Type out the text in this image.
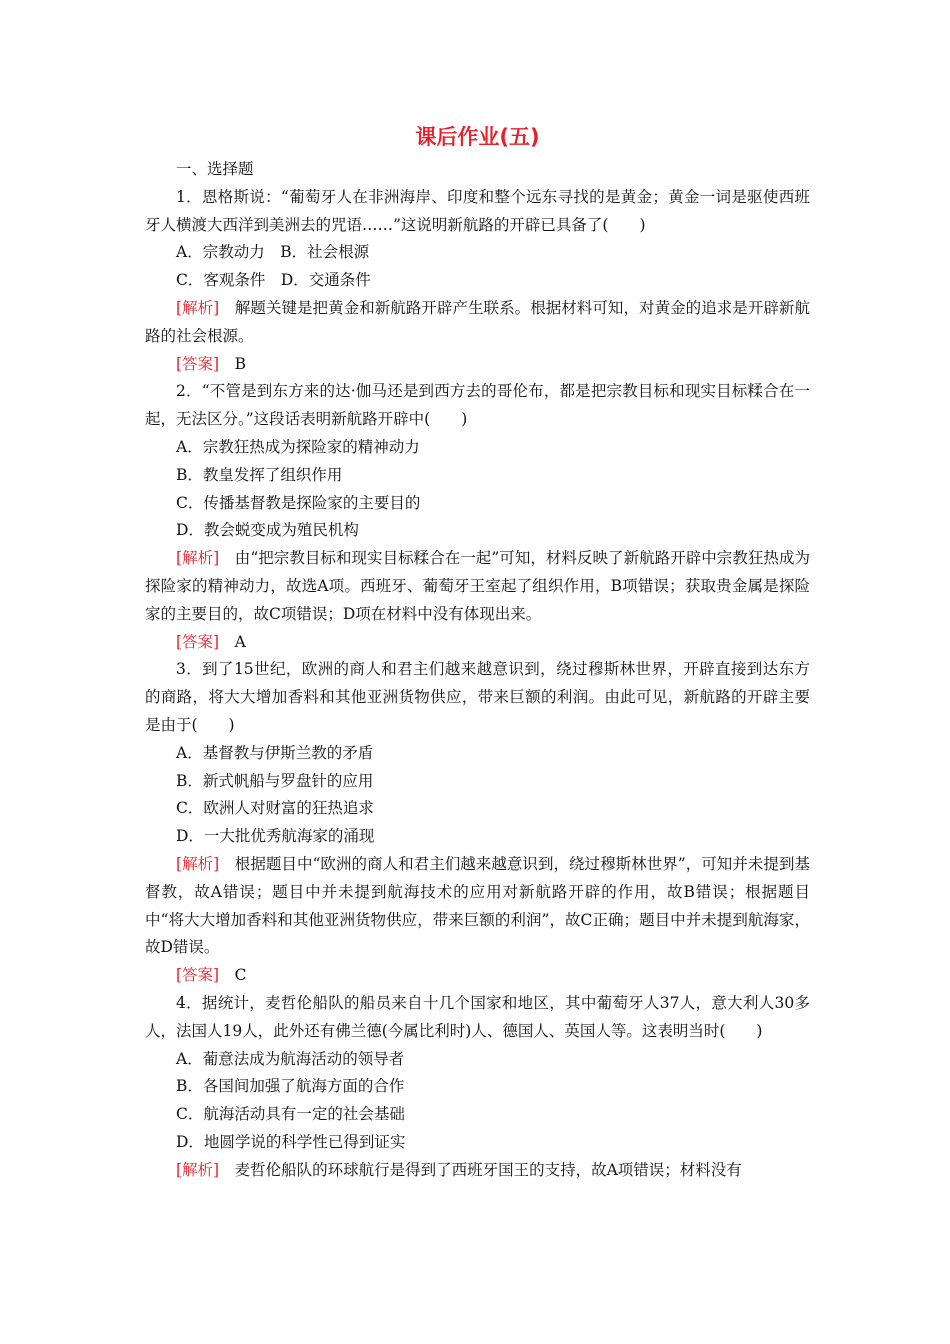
课后作业(五)

一、选择题

1．恩格斯说：“葡萄牙人在非洲海岸、印度和整个远东寻找的是黄金；黄金一词是驱使西班牙人横渡大西洋到美洲去的咒语……”这说明新航路的开辟已具备了(　　)

A．宗教动力　B．社会根源

C．客观条件　D．交通条件

[解析]　解题关键是把黄金和新航路开辟产生联系。根据材料可知，对黄金的追求是开辟新航路的社会根源。

[答案]　B

2．“不管是到东方来的达·伽马还是到西方去的哥伦布，都是把宗教目标和现实目标糅合在一起，无法区分。”这段话表明新航路开辟中(　　)

A．宗教狂热成为探险家的精神动力

B．教皇发挥了组织作用

C．传播基督教是探险家的主要目的

D．教会蜕变成为殖民机构

[解析]　由“把宗教目标和现实目标糅合在一起”可知，材料反映了新航路开辟中宗教狂热成为探险家的精神动力，故选A项。西班牙、葡萄牙王室起了组织作用，B项错误；获取贵金属是探险家的主要目的，故C项错误；D项在材料中没有体现出来。

[答案]　A

3．到了15世纪，欧洲的商人和君主们越来越意识到，绕过穆斯林世界，开辟直接到达东方的商路，将大大增加香料和其他亚洲货物供应，带来巨额的利润。由此可见，新航路的开辟主要是由于(　　)

A．基督教与伊斯兰教的矛盾

B．新式帆船与罗盘针的应用

C．欧洲人对财富的狂热追求

D．一大批优秀航海家的涌现

[解析]　根据题目中“欧洲的商人和君主们越来越意识到，绕过穆斯林世界”，可知并未提到基督教，故A错误；题目中并未提到航海技术的应用对新航路开辟的作用，故B错误；根据题目中“将大大增加香料和其他亚洲货物供应，带来巨额的利润”，故C正确；题目中并未提到航海家，故D错误。

[答案]　C

4．据统计，麦哲伦船队的船员来自十几个国家和地区，其中葡萄牙人37人，意大利人30多人，法国人19人，此外还有佛兰德(今属比利时)人、德国人、英国人等。这表明当时(　　)

A．葡意法成为航海活动的领导者

B．各国间加强了航海方面的合作

C．航海活动具有一定的社会基础

D．地圆学说的科学性已得到证实

[解析]　麦哲伦船队的环球航行是得到了西班牙国王的支持，故A项错误；材料没有
